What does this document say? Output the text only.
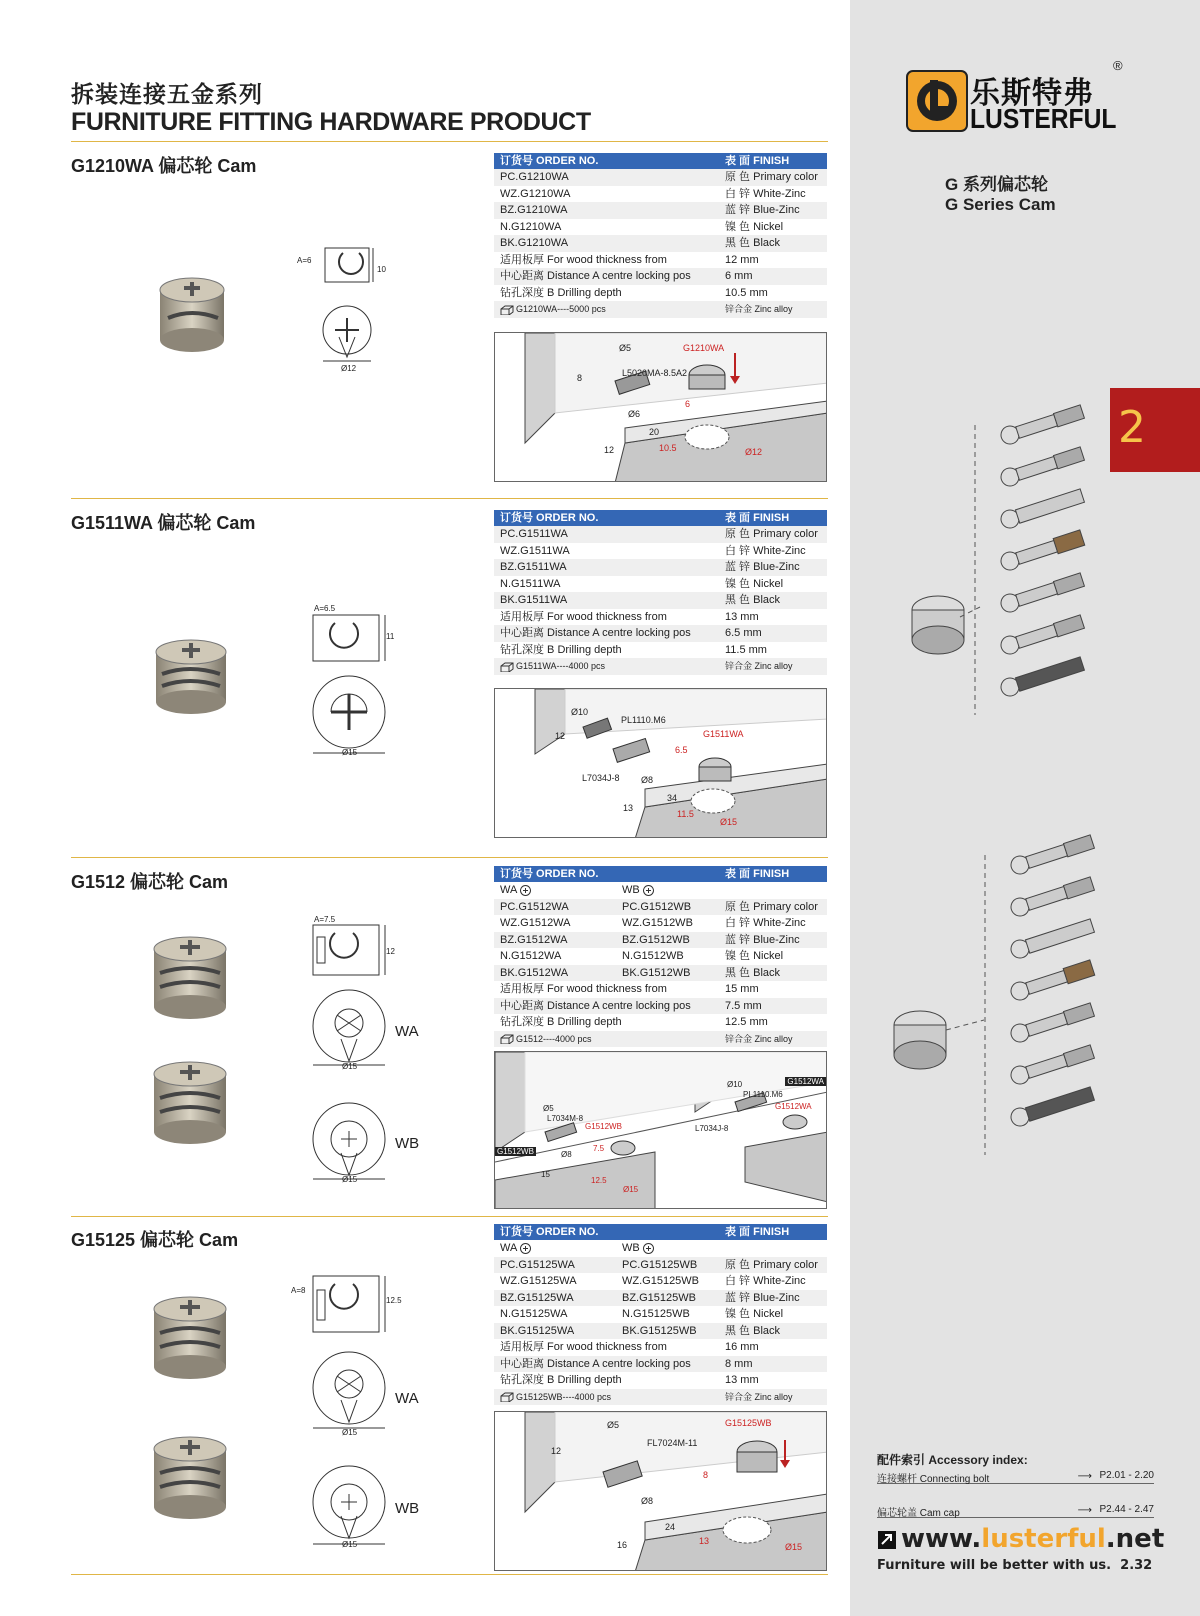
拆装连接五金系列
FURNITURE FITTING HARDWARE PRODUCT
G1210WA 偏芯轮 Cam
A=6
10
Ø12
订货号 ORDER NO.	表 面 FINISH
PC.G1210WA	原 色 Primary color
WZ.G1210WA	白 锌 White-Zinc
BZ.G1210WA	蓝 锌 Blue-Zinc
N.G1210WA	镍 色 Nickel
BK.G1210WA	黑 色 Black
适用板厚 For wood thickness from	12 mm
中心距离 Distance A centre locking pos	6 mm
钻孔深度 B Drilling depth	10.5 mm
G1210WA----5000 pcs	锌合金 Zinc alloy
Ø5
8	L5020MA-8.5A2
G1210WA
Ø6
6
20
12	10.5	Ø12
G1511WA 偏芯轮 Cam
A=6.5
11
Ø15
订货号 ORDER NO.	表 面 FINISH
PC.G1511WA	原 色 Primary color
WZ.G1511WA	白 锌 White-Zinc
BZ.G1511WA	蓝 锌 Blue-Zinc
N.G1511WA	镍 色 Nickel
BK.G1511WA	黑 色 Black
适用板厚 For wood thickness from	13 mm
中心距离 Distance A centre locking pos	6.5 mm
钻孔深度 B Drilling depth	11.5 mm
G1511WA----4000 pcs	锌合金 Zinc alloy
Ø10
12
PL1110.M6
L7034J-8
G1511WA
6.5
Ø8
34
13
11.5
Ø15
G1512 偏芯轮 Cam
A=7.5
12
Ø15
Ø15
WA
WB
订货号 ORDER NO.	表 面 FINISH
WA	WB
PC.G1512WA	PC.G1512WB	原 色 Primary color
WZ.G1512WA	WZ.G1512WB	白 锌 White-Zinc
BZ.G1512WA	BZ.G1512WB	蓝 锌 Blue-Zinc
N.G1512WA	N.G1512WB	镍 色 Nickel
BK.G1512WA	BK.G1512WB	黑 色 Black
适用板厚 For wood thickness from	15 mm
中心距离 Distance A centre locking pos	7.5 mm
钻孔深度 B Drilling depth	12.5 mm
G1512----4000 pcs	锌合金 Zinc alloy
G1512WB
G1512WA
Ø5
L7034M-8
Ø10
PL1110.M6
L7034J-8
G1512WB
G1512WA
7.5
Ø8
15
12.5
Ø15
G15125 偏芯轮 Cam
A=8
12.5
Ø15
Ø15
WA
WB
订货号 ORDER NO.	表 面 FINISH
WA	WB
PC.G15125WA	PC.G15125WB	原 色 Primary color
WZ.G15125WA	WZ.G15125WB 白 锌 White-Zinc
BZ.G15125WA	BZ.G15125WB	蓝 锌 Blue-Zinc
N.G15125WA	N.G15125WB	镍 色 Nickel
BK.G15125WA	BK.G15125WB	黑 色 Black
适用板厚 For wood thickness from	16 mm
中心距离 Distance A centre locking pos	8 mm
钻孔深度 B Drilling depth	13 mm
G15125WB----4000 pcs	锌合金 Zinc alloy
Ø5
12
FL7024M-11
G15125WB
8
Ø8
24
16	13
Ø15
乐斯特弗
LUSTERFUL
®
G 系列偏芯轮
G Series Cam
2
配件索引 Accessory index:
连接螺杆 Connecting bolt	⟶ P2.01 - 2.20
偏芯轮盖 Cam cap	⟶ P2.44 - 2.47
www.lusterful.net
Furniture will be better with us. 2.32
